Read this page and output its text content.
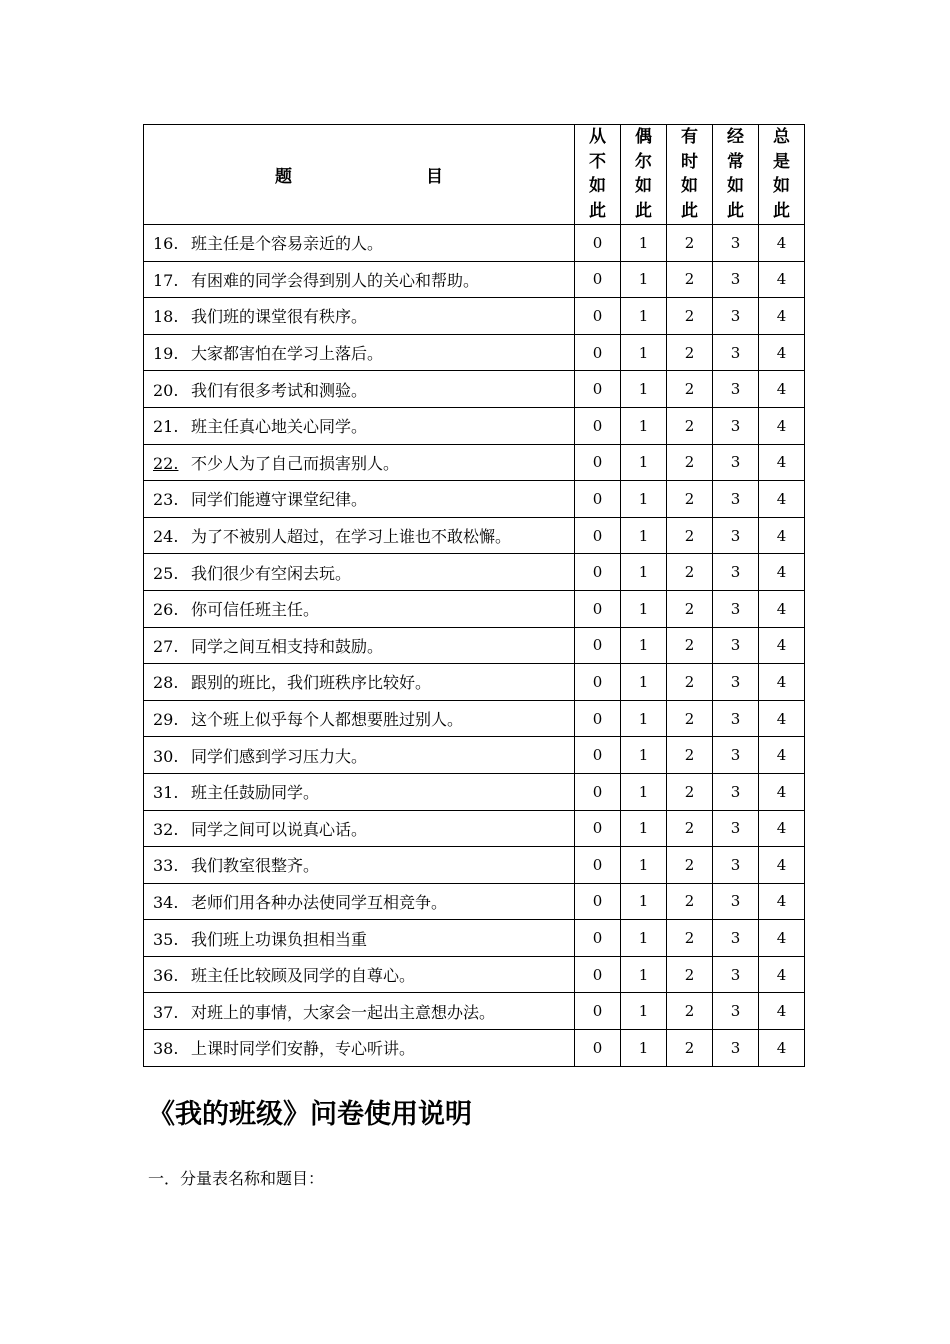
题 目	从
不
如
此	偶
尔
如
此	有
时
如
此	经
常
如
此	总
是
如
此

16. 班主任是个容易亲近的人。	0	1	2	3	4
17. 有困难的同学会得到别人的关心和帮助。	0	1	2	3	4
18. 我们班的课堂很有秩序。	0	1	2	3	4
19. 大家都害怕在学习上落后。	0	1	2	3	4
20. 我们有很多考试和测验。	0	1	2	3	4
21. 班主任真心地关心同学。	0	1	2	3	4
22. 不少人为了自己而损害别人。	0	1	2	3	4
23. 同学们能遵守课堂纪律。	0	1	2	3	4
24. 为了不被别人超过，在学习上谁也不敢松懈。	0	1	2	3	4
25. 我们很少有空闲去玩。	0	1	2	3	4
26. 你可信任班主任。	0	1	2	3	4
27. 同学之间互相支持和鼓励。	0	1	2	3	4
28. 跟别的班比，我们班秩序比较好。	0	1	2	3	4
29. 这个班上似乎每个人都想要胜过别人。	0	1	2	3	4
30. 同学们感到学习压力大。	0	1	2	3	4
31. 班主任鼓励同学。	0	1	2	3	4
32. 同学之间可以说真心话。	0	1	2	3	4
33. 我们教室很整齐。	0	1	2	3	4
34. 老师们用各种办法使同学互相竞争。	0	1	2	3	4
35. 我们班上功课负担相当重	0	1	2	3	4
36. 班主任比较顾及同学的自尊心。	0	1	2	3	4
37. 对班上的事情，大家会一起出主意想办法。	0	1	2	3	4
38. 上课时同学们安静，专心听讲。	0	1	2	3	4
《我的班级》问卷使用说明

一．分量表名称和题目：
